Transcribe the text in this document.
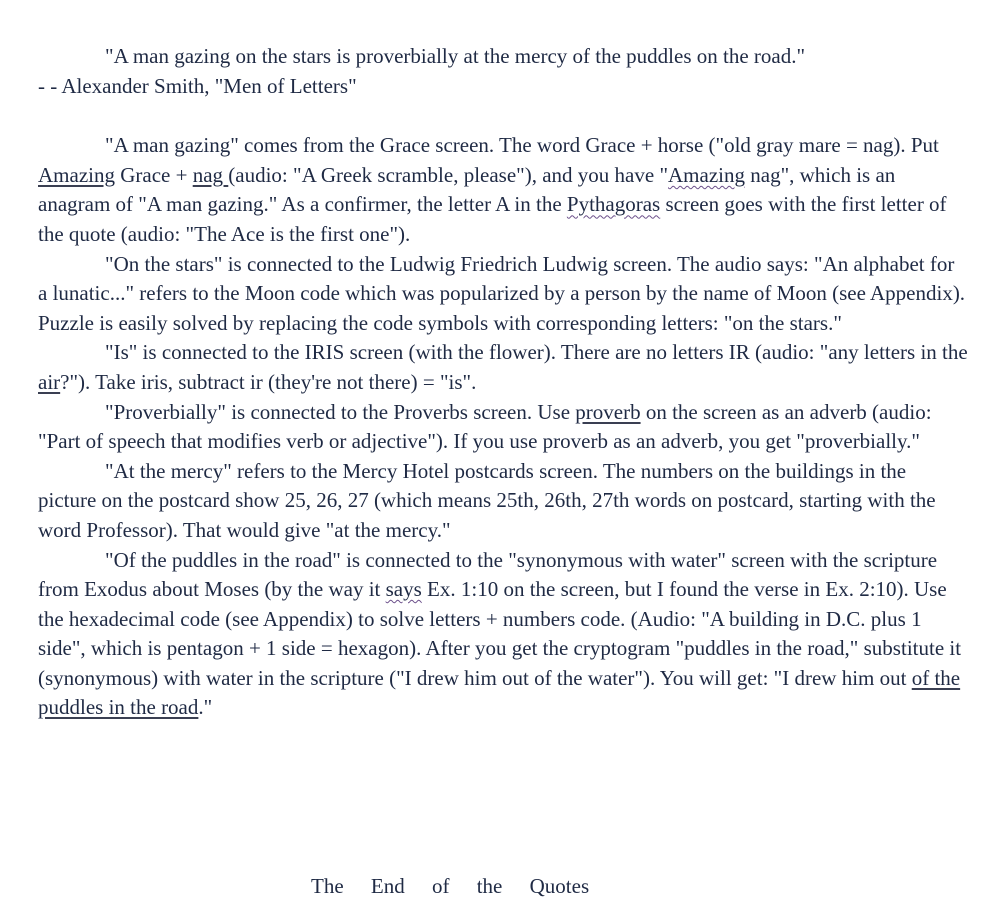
"A man gazing on the stars is proverbially at the mercy of the puddles on the road."

- - Alexander Smith, "Men of Letters"

"A man gazing" comes from the Grace screen. The word Grace + horse ("old gray mare = nag). Put Amazing Grace + nag (audio: "A Greek scramble, please"), and you have "Amazing nag", which is an anagram of "A man gazing." As a confirmer, the letter A in the Pythagoras screen goes with the first letter of the quote (audio: "The Ace is the first one").

"On the stars" is connected to the Ludwig Friedrich Ludwig screen. The audio says: "An alphabet for a lunatic..." refers to the Moon code which was popularized by a person by the name of Moon (see Appendix). Puzzle is easily solved by replacing the code symbols with corresponding letters: "on the stars."

"Is" is connected to the IRIS screen (with the flower). There are no letters IR (audio: "any letters in the air?"). Take iris, subtract ir (they're not there) = "is".

"Proverbially" is connected to the Proverbs screen. Use proverb on the screen as an adverb (audio: "Part of speech that modifies verb or adjective"). If you use proverb as an adverb, you get "proverbially."

"At the mercy" refers to the Mercy Hotel postcards screen. The numbers on the buildings in the picture on the postcard show 25, 26, 27 (which means 25th, 26th, 27th words on postcard, starting with the word Professor). That would give "at the mercy."

"Of the puddles in the road" is connected to the "synonymous with water" screen with the scripture from Exodus about Moses (by the way it says Ex. 1:10 on the screen, but I found the verse in Ex. 2:10). Use the hexadecimal code (see Appendix) to solve letters + numbers code. (Audio: "A building in D.C. plus 1 side", which is pentagon + 1 side = hexagon). After you get the cryptogram "puddles in the road," substitute it (synonymous) with water in the scripture ("I drew him out of the water"). You will get: "I drew him out of the puddles in the road."

The End of the Quotes
